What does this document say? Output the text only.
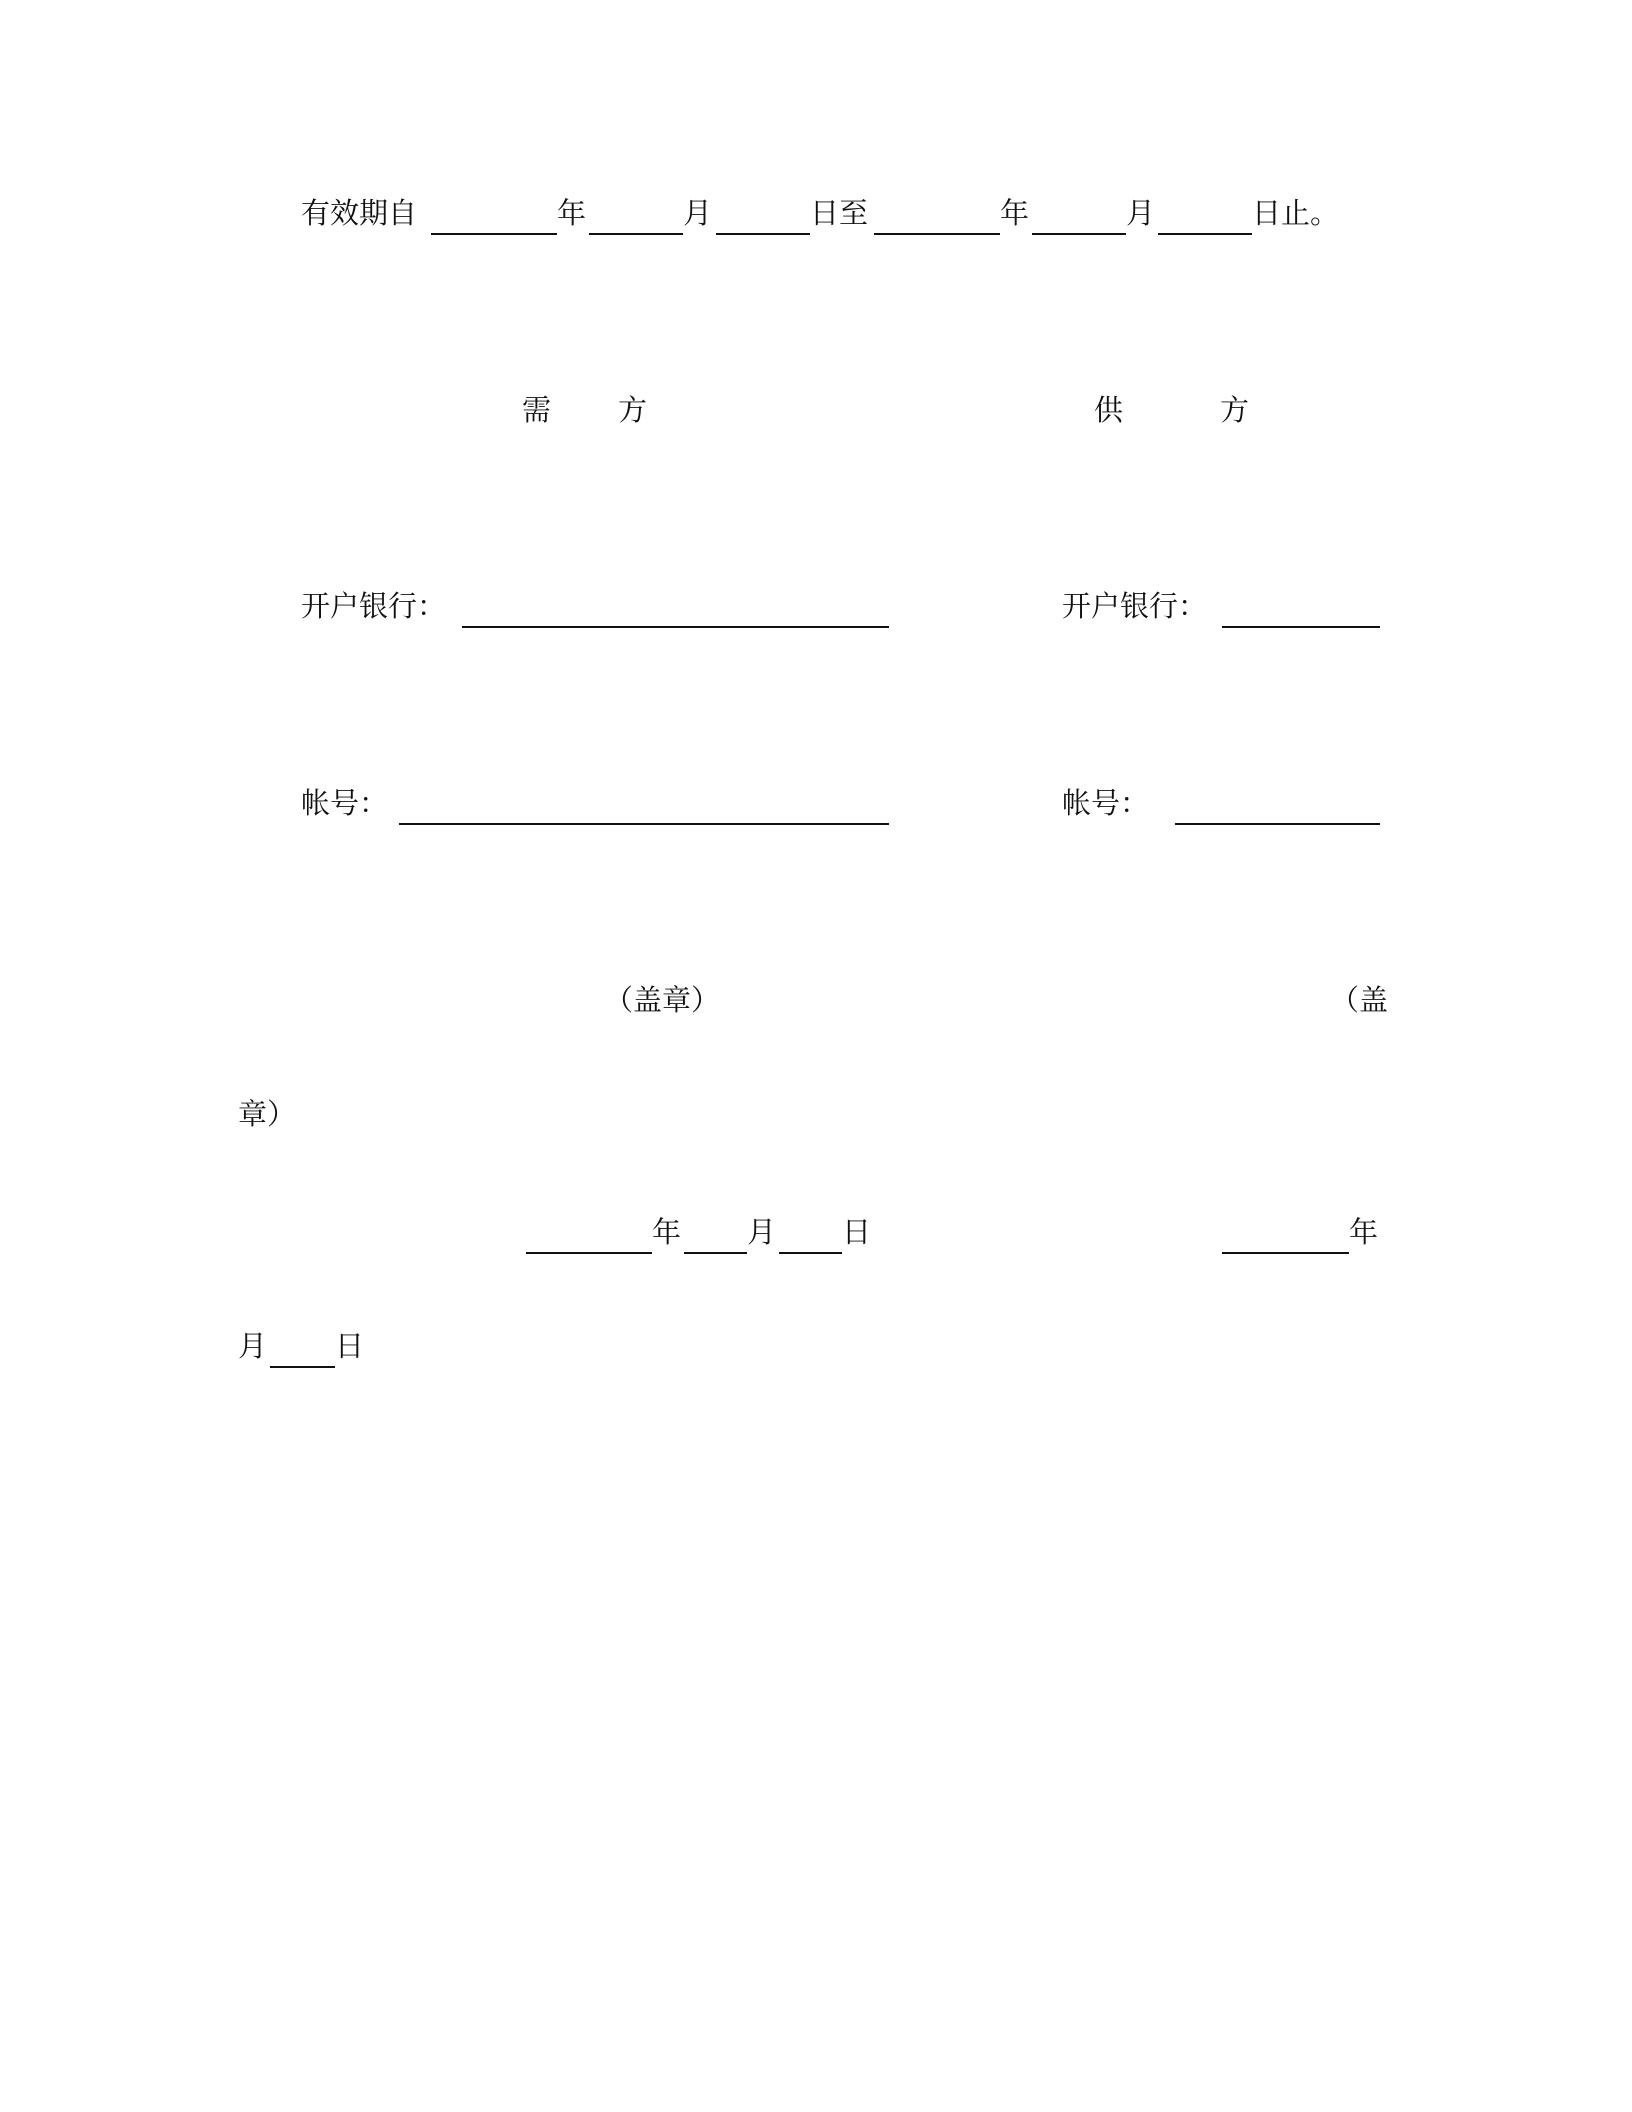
有效期自	年	月	日至	年	月	日止。
需 方	供	方
开户银行：	开户银行：
帐号：	帐号：
（盖章）	（盖
章）
年 月 日	年
月 日
